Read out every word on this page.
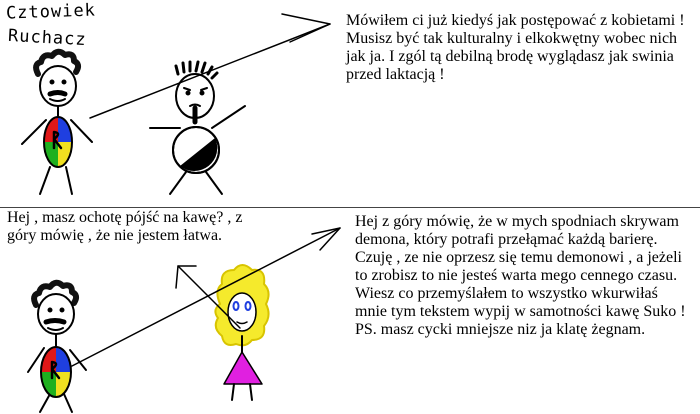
Cztowiek
Ruchacz

Mówiłem ci już kiedyś jak postępować z kobietami ! Musisz być tak kulturalny i elkokwętny wobec nich jak ja. I zgól tą debilną brodę wyglądasz jak swinia przed laktacją !

Hej , masz ochotę pójść na kawę? , z góry mówię , że nie jestem łatwa.

Hej z góry mówię, że w mych spodniach skrywam demona, który potrafi przełąmać każdą barierę. Czuję , ze nie oprzesz się temu demonowi , a jeżeli to zrobisz to nie jesteś warta mego cennego czasu. Wiesz co przemyślałem to wszystko wkurwiłaś mnie tym tekstem wypij w samotności kawę Suko ! PS. masz cycki mniejsze niz ja klatę żegnam.
